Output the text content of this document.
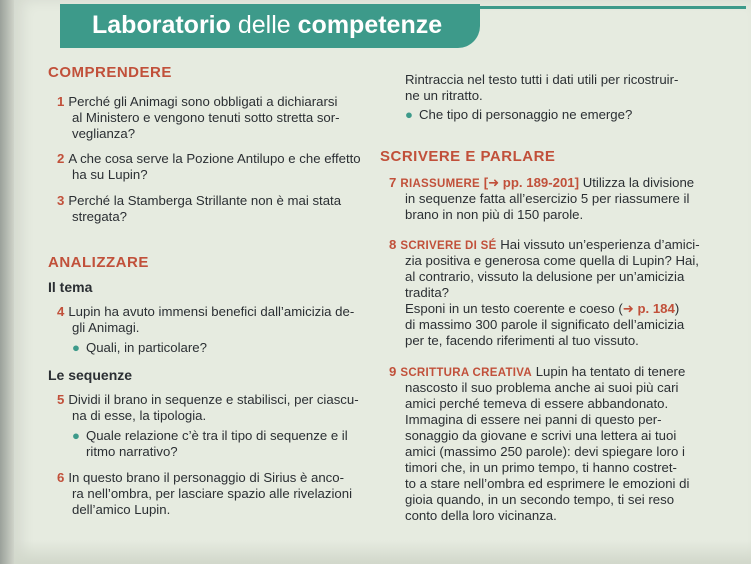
Laboratorio delle competenze
COMPRENDERE
1 Perché gli Animagi sono obbligati a dichiararsi
al Ministero e vengono tenuti sotto stretta sor-
veglianza?
2 A che cosa serve la Pozione Antilupo e che effetto
ha su Lupin?
3 Perché la Stamberga Strillante non è mai stata
stregata?
ANALIZZARE
Il tema
4 Lupin ha avuto immensi benefici dall’amicizia de-
gli Animagi.
● Quali, in particolare?
Le sequenze
5 Dividi il brano in sequenze e stabilisci, per ciascu-
na di esse, la tipologia.
● Quale relazione c’è tra il tipo di sequenze e il
ritmo narrativo?
6 In questo brano il personaggio di Sirius è anco-
ra nell’ombra, per lasciare spazio alle rivelazioni
dell’amico Lupin.
Rintraccia nel testo tutti i dati utili per ricostruir-
ne un ritratto.
● Che tipo di personaggio ne emerge?
SCRIVERE E PARLARE
7 RIASSUMERE [➜ pp. 189-201] Utilizza la divisione
in sequenze fatta all’esercizio 5 per riassumere il
brano in non più di 150 parole.
8 SCRIVERE DI SÉ Hai vissuto un’esperienza d’amici-
zia positiva e generosa come quella di Lupin? Hai,
al contrario, vissuto la delusione per un’amicizia
tradita?
Esponi in un testo coerente e coeso (➜ p. 184)
di massimo 300 parole il significato dell’amicizia
per te, facendo riferimenti al tuo vissuto.
9 SCRITTURA CREATIVA Lupin ha tentato di tenere
nascosto il suo problema anche ai suoi più cari
amici perché temeva di essere abbandonato.
Immagina di essere nei panni di questo per-
sonaggio da giovane e scrivi una lettera ai tuoi
amici (massimo 250 parole): devi spiegare loro i
timori che, in un primo tempo, ti hanno costret-
to a stare nell’ombra ed esprimere le emozioni di
gioia quando, in un secondo tempo, ti sei reso
conto della loro vicinanza.
